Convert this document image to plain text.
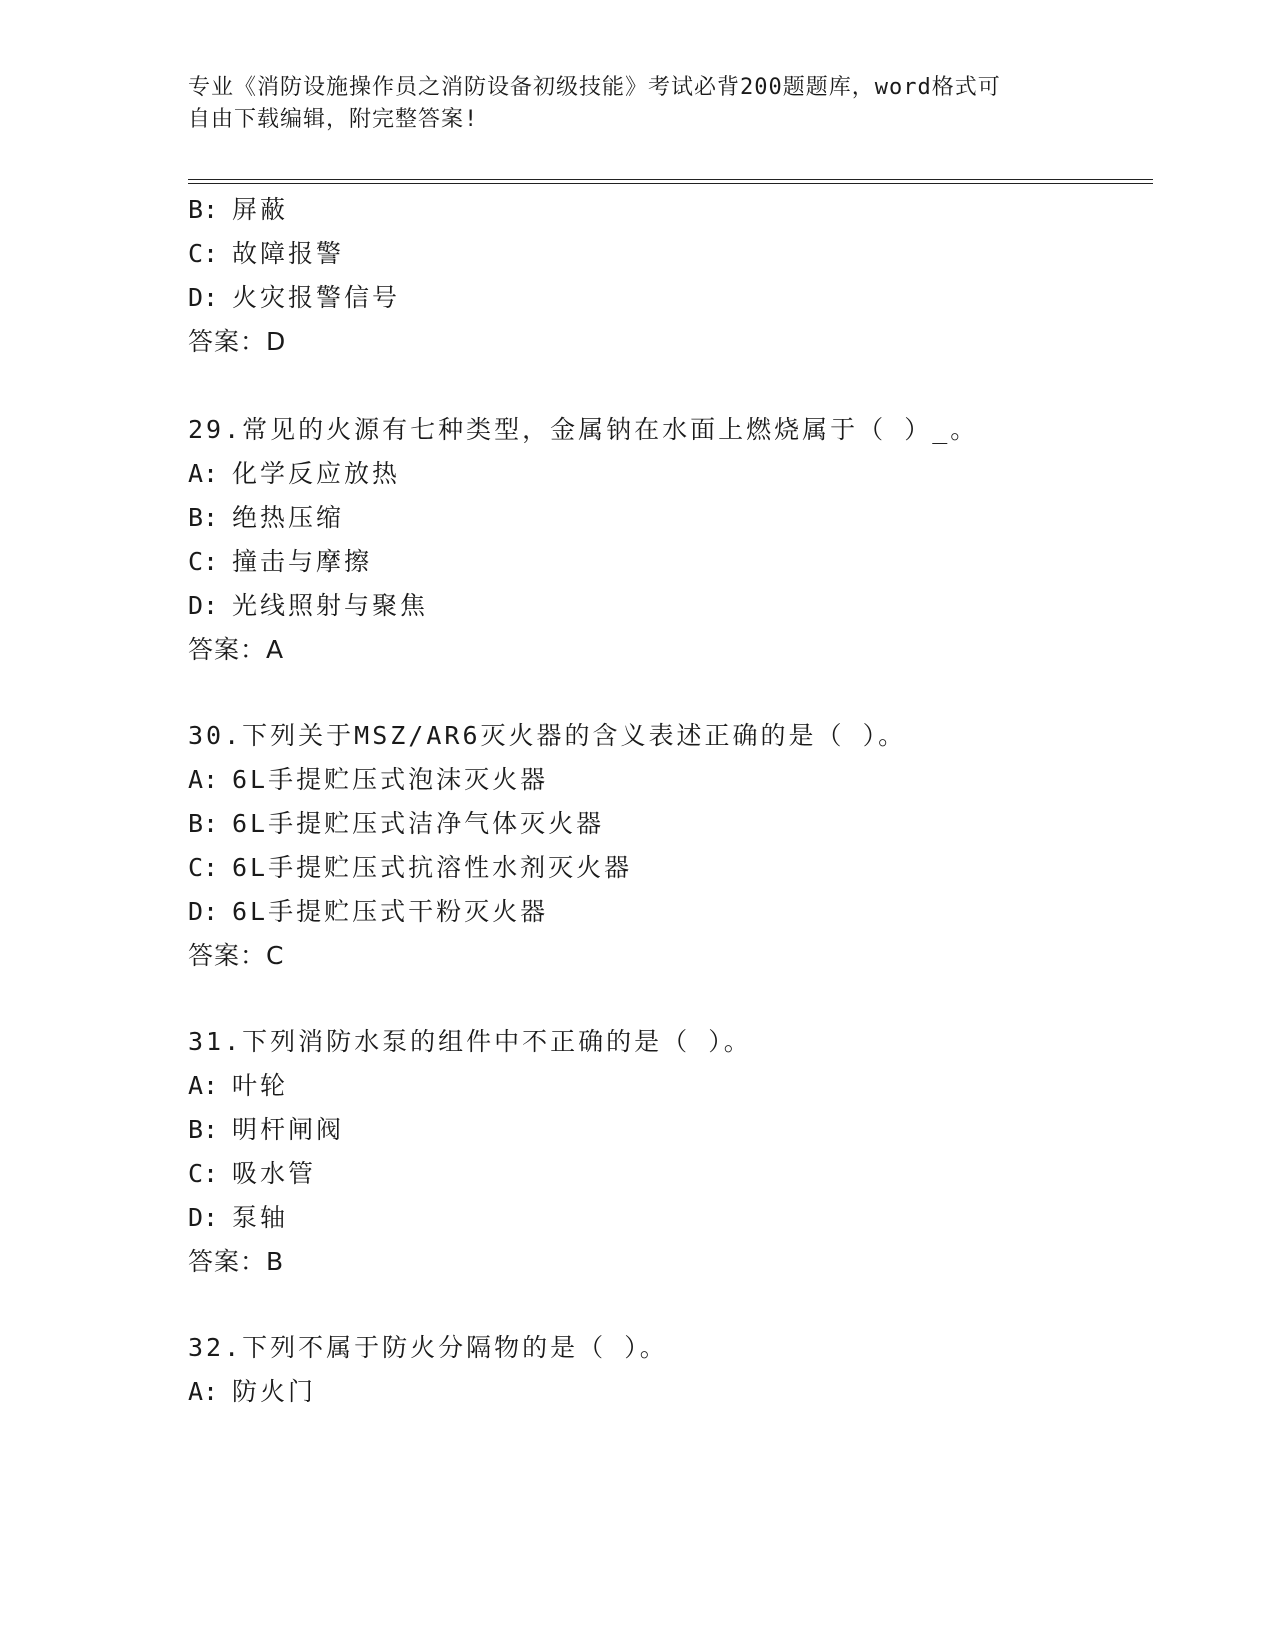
专业《消防设施操作员之消防设备初级技能》考试必背200题题库，word格式可
自由下载编辑，附完整答案!
B: 屏蔽
C: 故障报警
D: 火灾报警信号
答案：D
29.常见的火源有七种类型，金属钠在水面上燃烧属于（ ）_。
A: 化学反应放热
B: 绝热压缩
C: 撞击与摩擦
D: 光线照射与聚焦
答案：A
30.下列关于MSZ/AR6灭火器的含义表述正确的是（ ）。
A: 6L手提贮压式泡沫灭火器
B: 6L手提贮压式洁净气体灭火器
C: 6L手提贮压式抗溶性水剂灭火器
D: 6L手提贮压式干粉灭火器
答案：C
31.下列消防水泵的组件中不正确的是（ ）。
A: 叶轮
B: 明杆闸阀
C: 吸水管
D: 泵轴
答案：B
32.下列不属于防火分隔物的是（ ）。
A: 防火门
